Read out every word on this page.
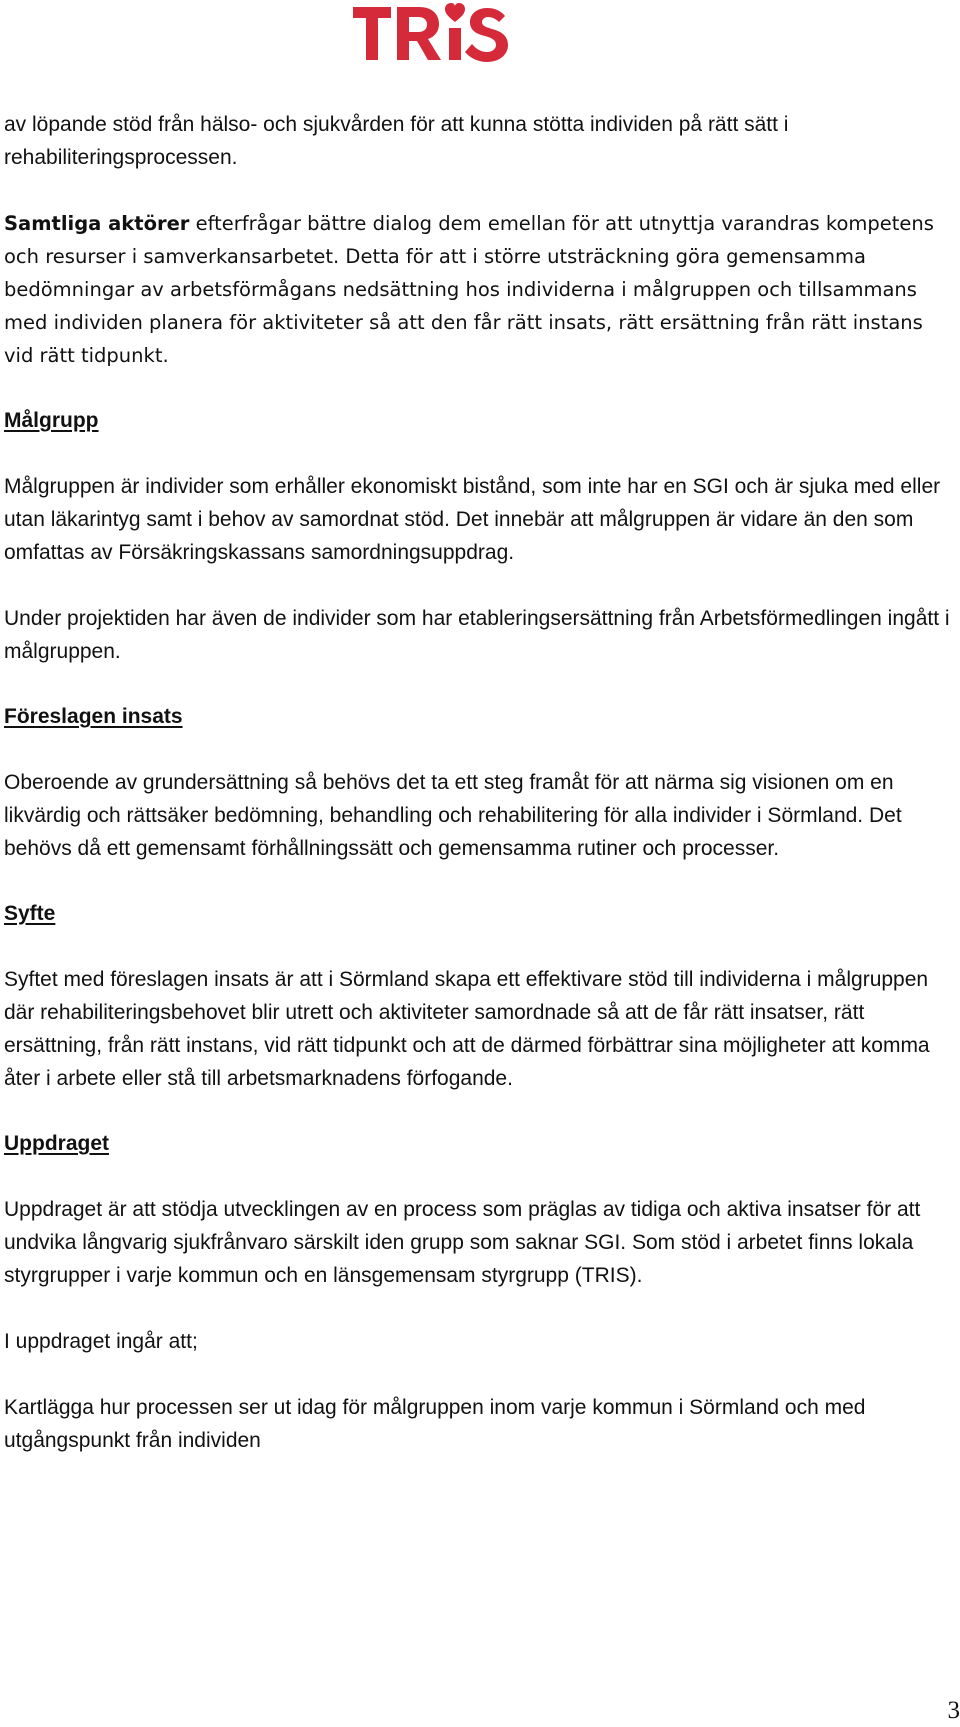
av löpande stöd från hälso- och sjukvården för att kunna stötta individen på rätt sätt i rehabiliteringsprocessen.

Samtliga aktörer efterfrågar bättre dialog dem emellan för att utnyttja varandras kompetens och resurser i samverkansarbetet. Detta för att i större utsträckning göra gemensamma bedömningar av arbetsförmågans nedsättning hos individerna i målgruppen och tillsammans med individen planera för aktiviteter så att den får rätt insats, rätt ersättning från rätt instans vid rätt tidpunkt.

Målgrupp

Målgruppen är individer som erhåller ekonomiskt bistånd, som inte har en SGI och är sjuka med eller utan läkarintyg samt i behov av samordnat stöd. Det innebär att målgruppen är vidare än den som omfattas av Försäkringskassans samordningsuppdrag.

Under projektiden har även de individer som har etableringsersättning från Arbetsförmedlingen ingått i målgruppen.

Föreslagen insats

Oberoende av grundersättning så behövs det ta ett steg framåt för att närma sig visionen om en likvärdig och rättsäker bedömning, behandling och rehabilitering för alla individer i Sörmland. Det behövs då ett gemensamt förhållningssätt och gemensamma rutiner och processer.

Syfte

Syftet med föreslagen insats är att i Sörmland skapa ett effektivare stöd till individerna i målgruppen där rehabiliteringsbehovet blir utrett och aktiviteter samordnade så att de får rätt insatser, rätt ersättning, från rätt instans, vid rätt tidpunkt och att de därmed förbättrar sina möjligheter att komma åter i arbete eller stå till arbetsmarknadens förfogande.

Uppdraget

Uppdraget är att stödja utvecklingen av en process som präglas av tidiga och aktiva insatser för att undvika långvarig sjukfrånvaro särskilt iden grupp som saknar SGI. Som stöd i arbetet finns lokala styrgrupper i varje kommun och en länsgemensam styrgrupp (TRIS).

I uppdraget ingår att;

Kartlägga hur processen ser ut idag för målgruppen inom varje kommun i Sörmland och med utgångspunkt från individen

3
